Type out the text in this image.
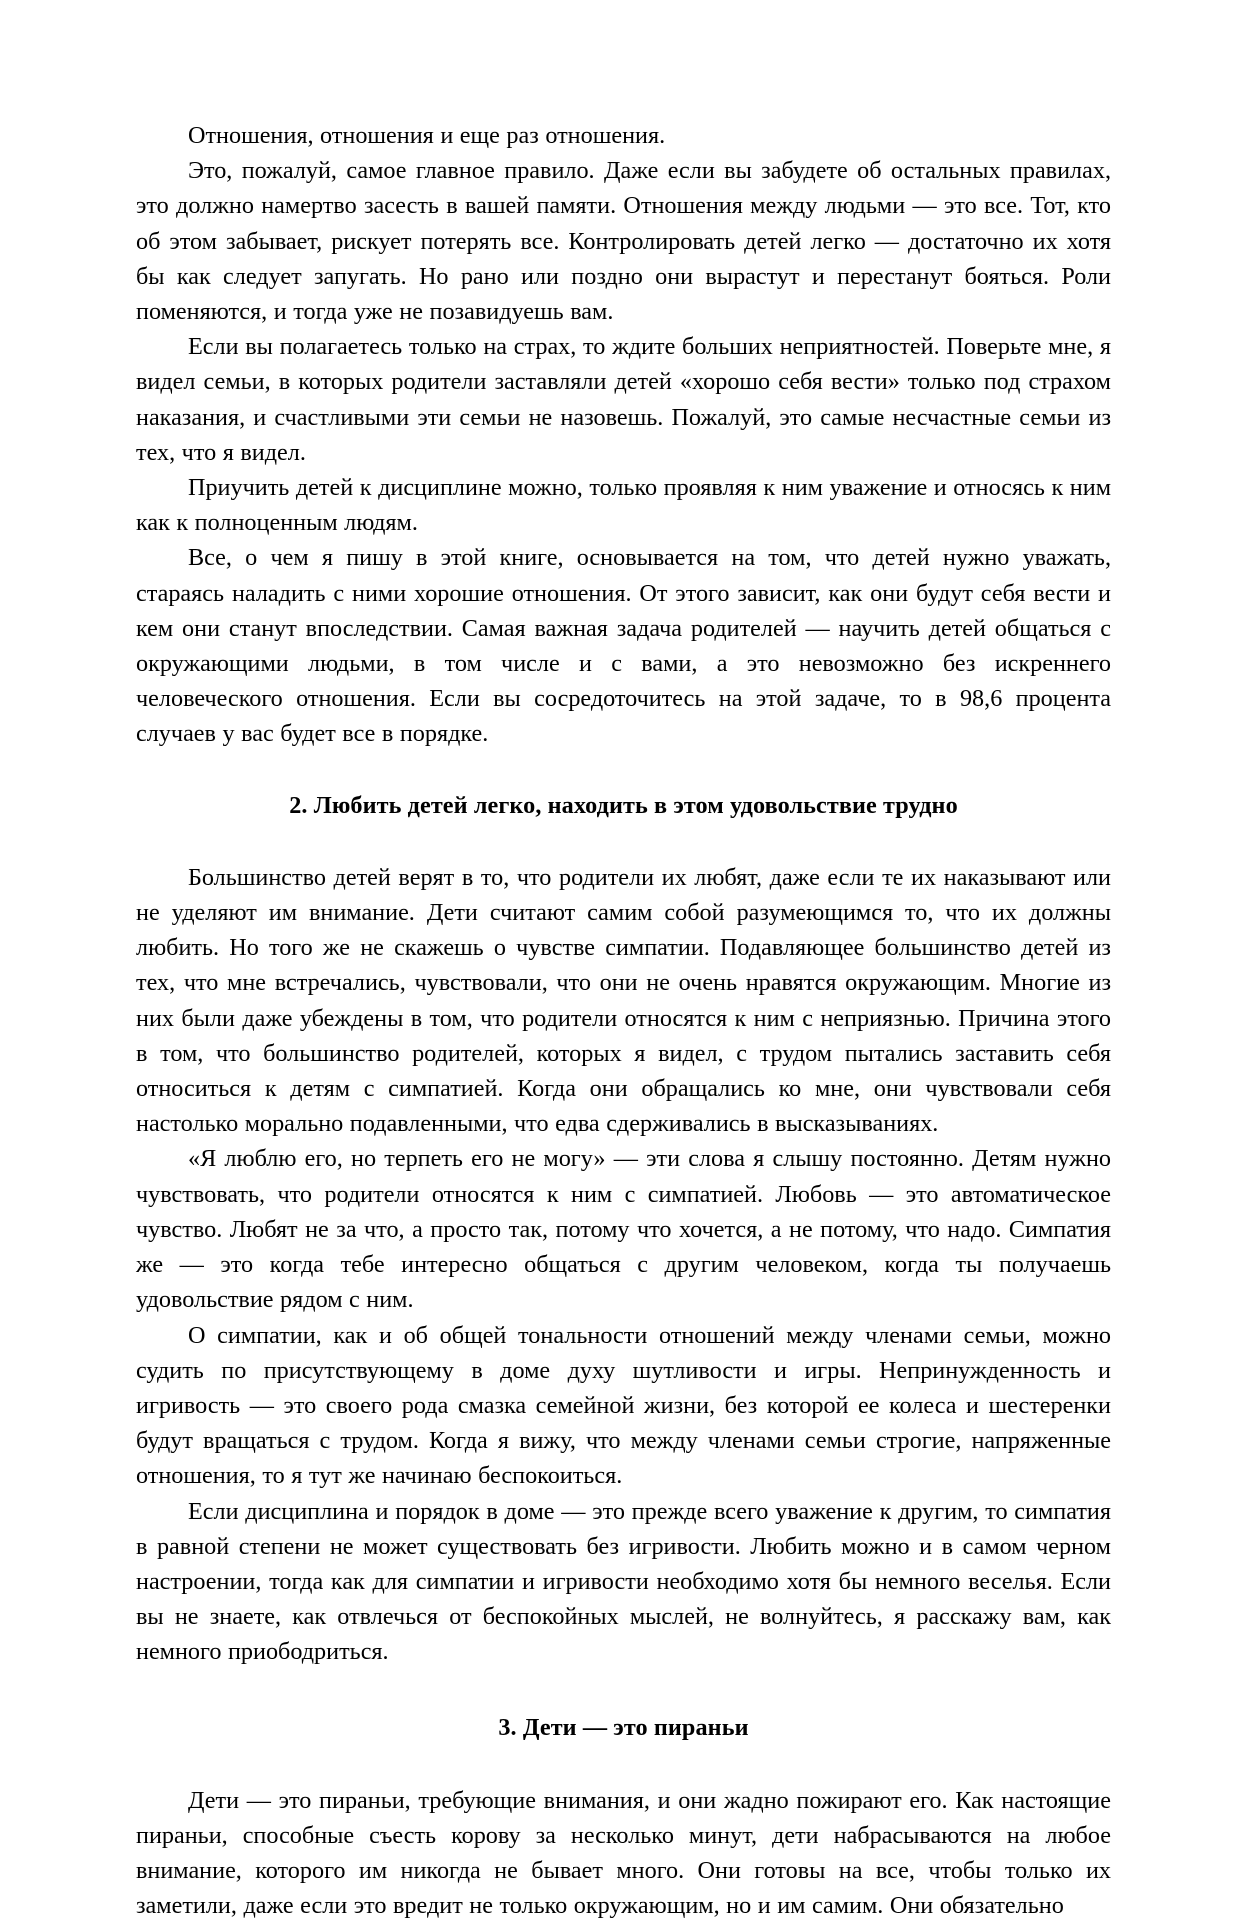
Отношения, отношения и еще раз отношения.

Это, пожалуй, самое главное правило. Даже если вы забудете об остальных правилах, это должно намертво засесть в вашей памяти. Отношения между людьми — это все. Тот, кто об этом забывает, рискует потерять все. Контролировать детей легко — достаточно их хотя бы как следует запугать. Но рано или поздно они вырастут и перестанут бояться. Роли поменяются, и тогда уже не позавидуешь вам.

Если вы полагаетесь только на страх, то ждите больших неприятностей. Поверьте мне, я видел семьи, в которых родители заставляли детей «хорошо себя вести» только под страхом наказания, и счастливыми эти семьи не назовешь. Пожалуй, это самые несчастные семьи из тех, что я видел.

Приучить детей к дисциплине можно, только проявляя к ним уважение и относясь к ним как к полноценным людям.

Все, о чем я пишу в этой книге, основывается на том, что детей нужно уважать, стараясь наладить с ними хорошие отношения. От этого зависит, как они будут себя вести и кем они станут впоследствии. Самая важная задача родителей — научить детей общаться с окружающими людьми, в том числе и с вами, а это невозможно без искреннего человеческого отношения. Если вы сосредоточитесь на этой задаче, то в 98,6 процента случаев у вас будет все в порядке.

2. Любить детей легко, находить в этом удовольствие трудно

Большинство детей верят в то, что родители их любят, даже если те их наказывают или не уделяют им внимание. Дети считают самим собой разумеющимся то, что их должны любить. Но того же не скажешь о чувстве симпатии. Подавляющее большинство детей из тех, что мне встречались, чувствовали, что они не очень нравятся окружающим. Многие из них были даже убеждены в том, что родители относятся к ним с неприязнью. Причина этого в том, что большинство родителей, которых я видел, с трудом пытались заставить себя относиться к детям с симпатией. Когда они обращались ко мне, они чувствовали себя настолько морально подавленными, что едва сдерживались в высказываниях.

«Я люблю его, но терпеть его не могу» — эти слова я слышу постоянно. Детям нужно чувствовать, что родители относятся к ним с симпатией. Любовь — это автоматическое чувство. Любят не за что, а просто так, потому что хочется, а не потому, что надо. Симпатия же — это когда тебе интересно общаться с другим человеком, когда ты получаешь удовольствие рядом с ним.

О симпатии, как и об общей тональности отношений между членами семьи, можно судить по присутствующему в доме духу шутливости и игры. Непринужденность и игривость — это своего рода смазка семейной жизни, без которой ее колеса и шестеренки будут вращаться с трудом. Когда я вижу, что между членами семьи строгие, напряженные отношения, то я тут же начинаю беспокоиться.

Если дисциплина и порядок в доме — это прежде всего уважение к другим, то симпатия в равной степени не может существовать без игривости. Любить можно и в самом черном настроении, тогда как для симпатии и игривости необходимо хотя бы немного веселья. Если вы не знаете, как отвлечься от беспокойных мыслей, не волнуйтесь, я расскажу вам, как немного приободриться.

3. Дети — это пираньи

Дети — это пираньи, требующие внимания, и они жадно пожирают его. Как настоящие пираньи, способные съесть корову за несколько минут, дети набрасываются на любое внимание, которого им никогда не бывает много. Они готовы на все, чтобы только их заметили, даже если это вредит не только окружающим, но и им самим. Они обязательно
